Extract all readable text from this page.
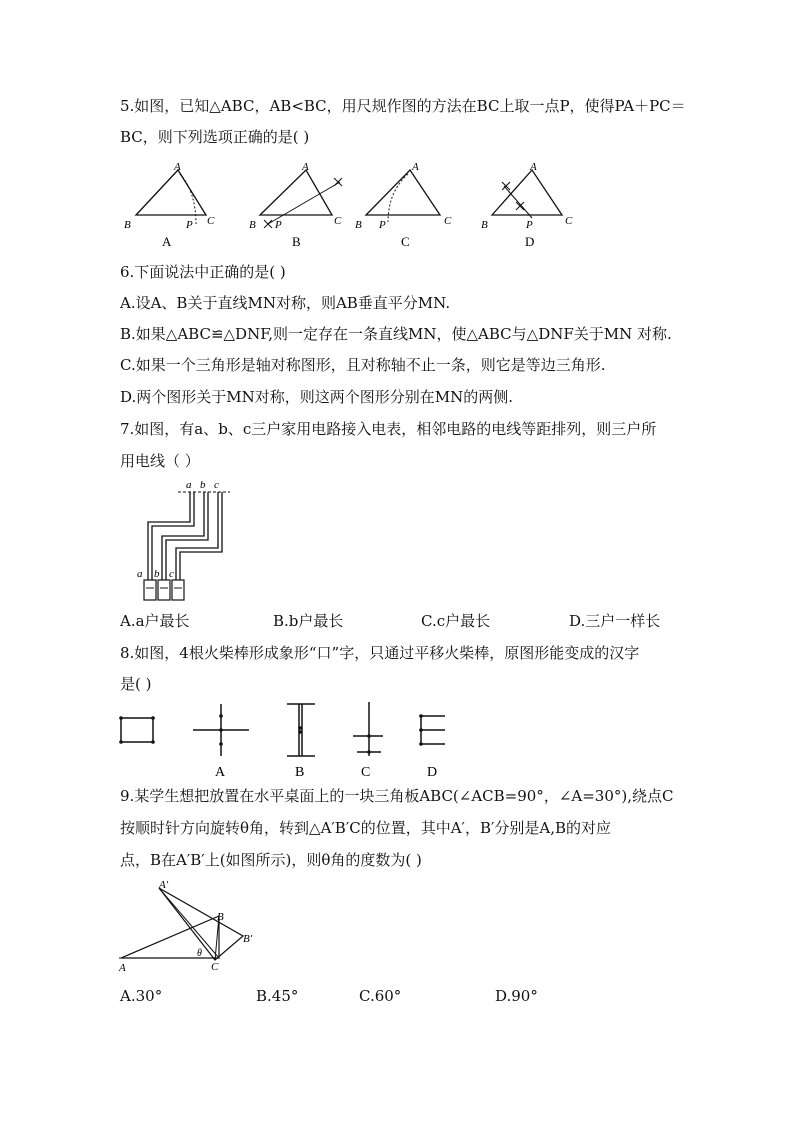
5.如图，已知△ABC，AB<BC，用尺规作图的方法在BC上取一点P，使得PA＋PC＝
BC，则下列选项正确的是( )
A
B	C
P
A
A
B	C
P
B
A
B	C
P
C
A
B	C
P
D
6.下面说法中正确的是( )
A.设A、B关于直线MN对称，则AB垂直平分MN.
B.如果△ABC≌△DNF,则一定存在一条直线MN，使△ABC与△DNF关于MN 对称.
C.如果一个三角形是轴对称图形，且对称轴不止一条，则它是等边三角形.
D.两个图形关于MN对称，则这两个图形分别在MN的两侧.
7.如图，有a、b、c三户家用电路接入电表，相邻电路的电线等距排列，则三户所
用电线（ ）
a b c
a b c
A.a户最长	B.b户最长	C.c户最长	D.三户一样长
8.如图，4根火柴棒形成象形“口”字，只通过平移火柴棒，原图形能变成的汉字
是( )
A	B	C	D
9.某学生想把放置在水平桌面上的一块三角板ABC(∠ACB=90°，∠A=30°),绕点C
按顺时针方向旋转θ角，转到△A′B′C的位置，其中A′，B′分别是A,B的对应
点，B在A′B′上(如图所示)，则θ角的度数为( )
A′
B
B′
A	C
θ
A.30°	B.45°	C.60°	D.90°
